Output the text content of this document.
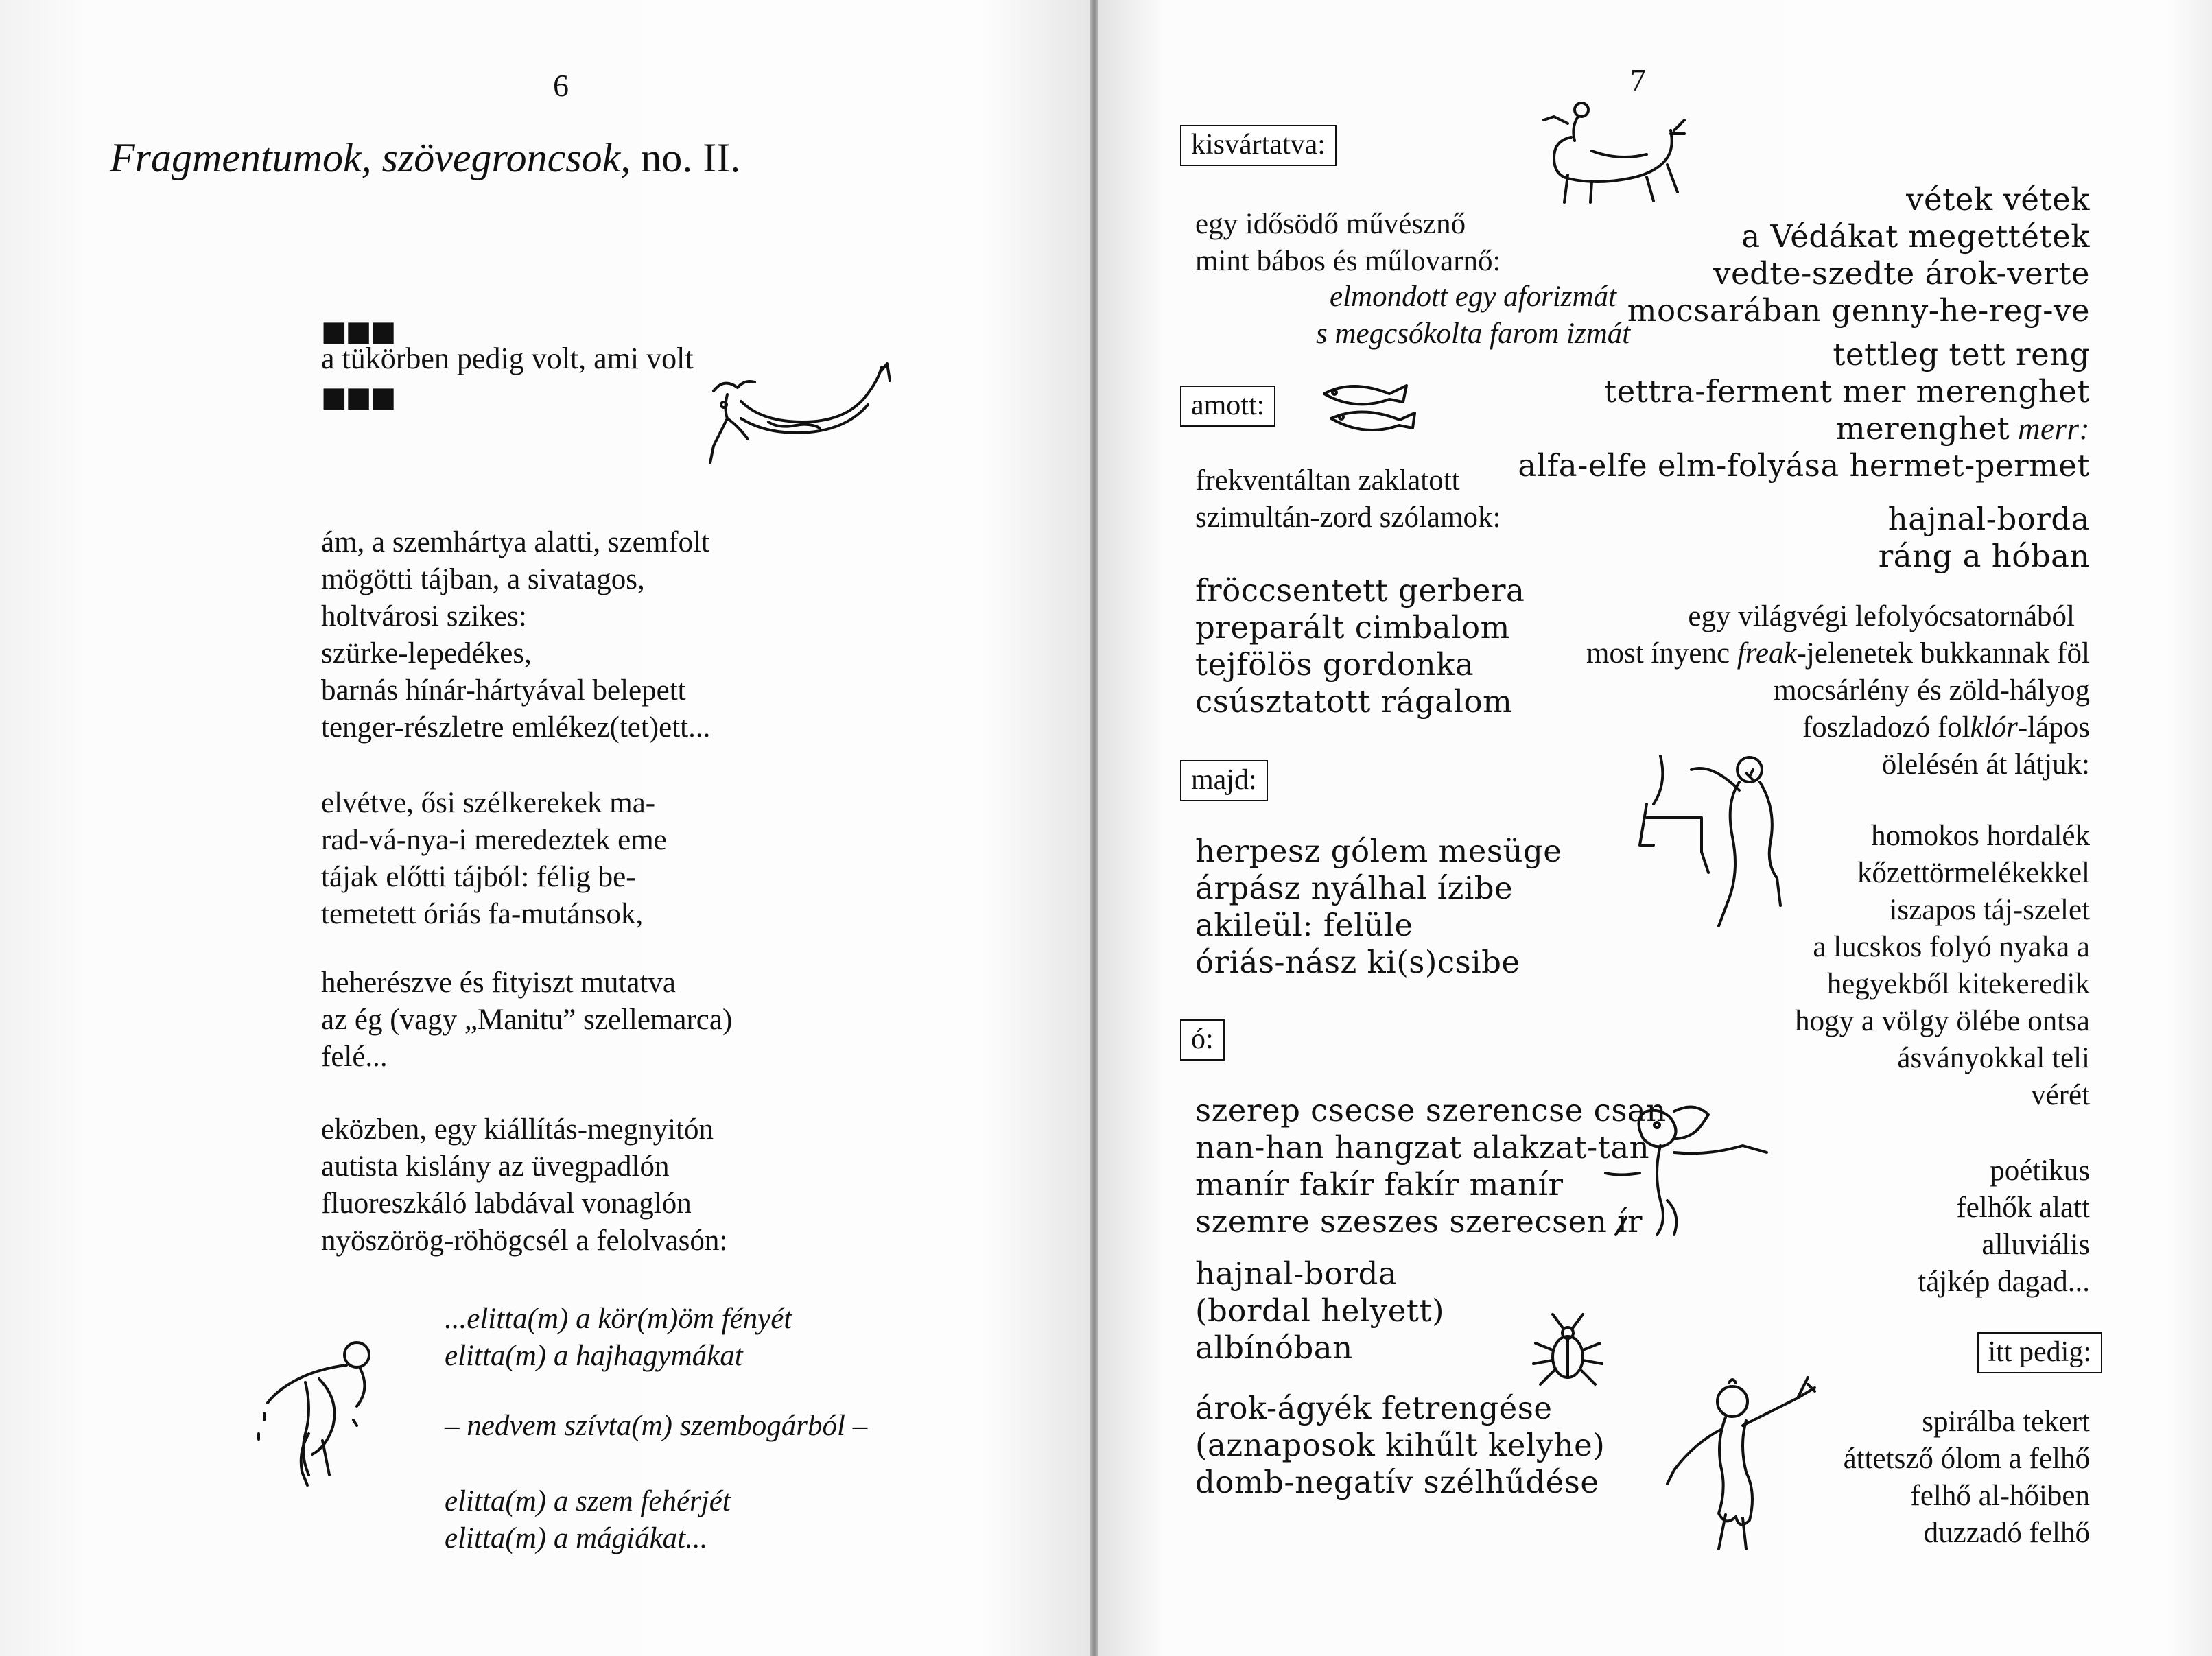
6
Fragmentumok, szövegroncsok, no. II.
■■■
a tükörben pedig volt, ami volt
■■■
ám, a szemhártya alatti, szemfolt
mögötti tájban, a sivatagos,
holtvárosi szikes:
szürke-lepedékes,
barnás hínár-hártyával belepett
tenger-részletre emlékez(tet)ett...
elvétve, ősi szélkerekek ma-
rad-vá-nya-i meredeztek eme
tájak előtti tájból: félig be-
temetett óriás fa-mutánsok,
heherészve és fityiszt mutatva
az ég (vagy „Manitu” szellemarca)
felé...
eközben, egy kiállítás-megnyitón
autista kislány az üvegpadlón
fluoreszkáló labdával vonaglón
nyöszörög-röhögcsél a felolvasón:
...elitta(m) a kör(m)öm fényét
elitta(m) a hajhagymákat
– nedvem szívta(m) szembogárból –
elitta(m) a szem fehérjét
elitta(m) a mágiákat...
7
kisvártatva:
egy idősödő művésznő
mint bábos és műlovarnő:
elmondott egy aforizmát
s megcsókolta farom izmát
amott:
frekventáltan zaklatott
szimultán-zord szólamok:
fröccsentett gerbera
preparált cimbalom
tejfölös gordonka
csúsztatott rágalom
majd:
herpesz gólem mesüge
árpász nyálhal ízibe
akileül: felüle
óriás-nász ki(s)csibe
ó:
szerep csecse szerencse csan
nan-han hangzat alakzat-tan
manír fakír fakír manír
szemre szeszes szerecsen ír
hajnal-borda
(bordal helyett)
albínóban
árok-ágyék fetrengése
(aznaposok kihűlt kelyhe)
domb-negatív szélhűdése
vétek vétek
a Védákat megettétek
vedte-szedte árok-verte
mocsarában genny-he-reg-ve
tettleg tett reng
tettra-ferment mer merenghet
merenghet merr:
alfa-elfe elm-folyása hermet-permet
hajnal-borda
ráng a hóban
egy világvégi lefolyócsatornából
most ínyenc freak-jelenetek bukkannak föl
mocsárlény és zöld-hályog
foszladozó folklór-lápos
ölelésén át látjuk:
homokos hordalék
kőzettörmelékekkel
iszapos táj-szelet
a lucskos folyó nyaka a
hegyekből kitekeredik
hogy a völgy ölébe ontsa
ásványokkal teli
vérét
poétikus
felhők alatt
alluviális
tájkép dagad...
itt pedig:
spirálba tekert
áttetsző ólom a felhő
felhő al-hőiben
duzzadó felhő
